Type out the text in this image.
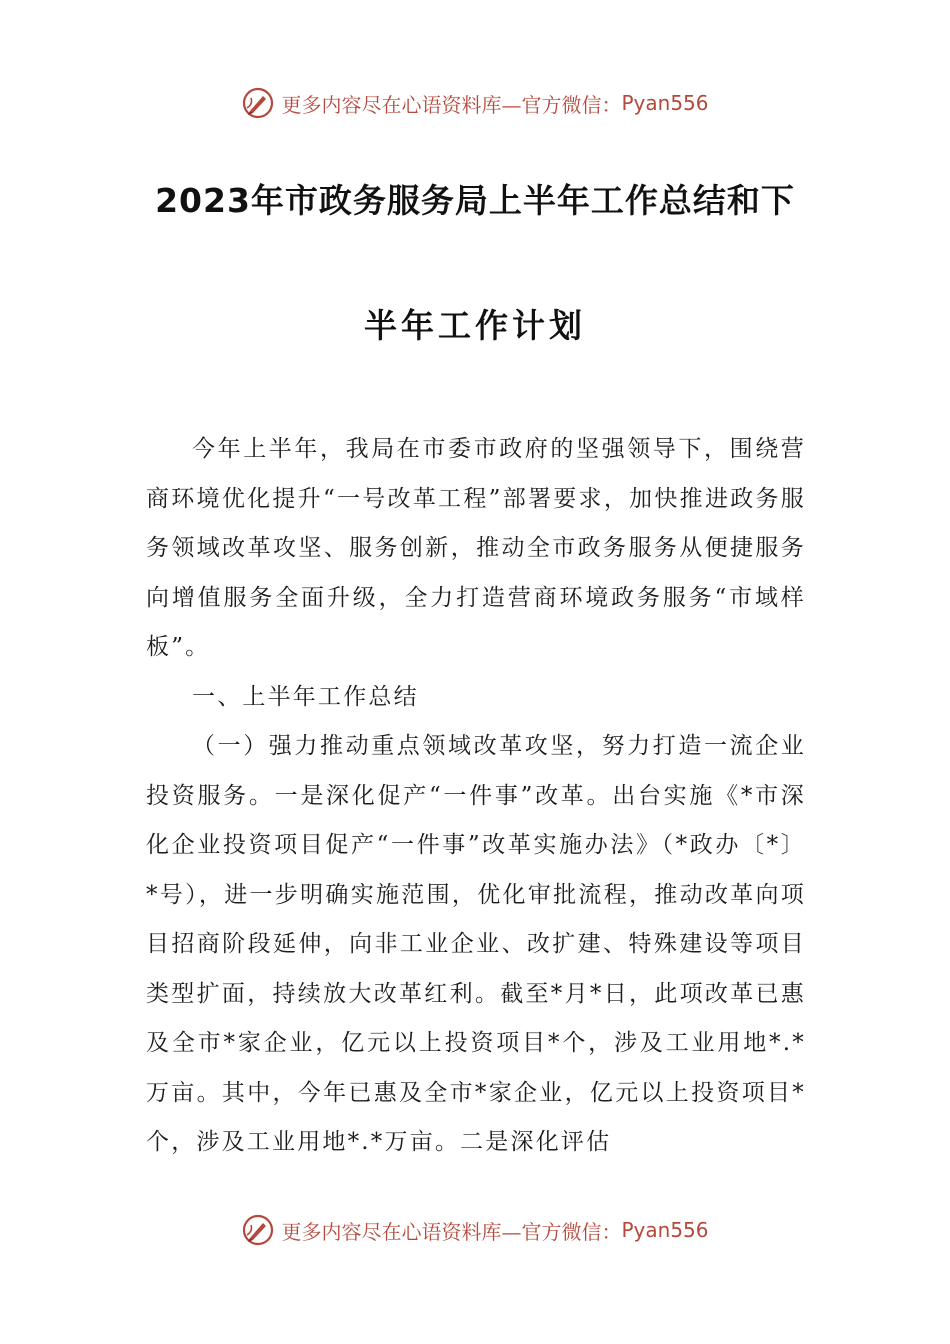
更多内容尽在心语资料库—官方微信： Pyan556
2023年市政务服务局上半年工作总结和下
半年工作计划

今年上半年，我局在市委市政府的坚强领导下，围绕营商环境优化提升“一号改革工程”部署要求，加快推进政务服务领域改革攻坚、服务创新，推动全市政务服务从便捷服务向增值服务全面升级，全力打造营商环境政务服务“市域样板”。

一、上半年工作总结

（一）强力推动重点领域改革攻坚，努力打造一流企业投资服务。一是深化促产“一件事”改革。出台实施《*市深化企业投资项目促产“一件事”改革实施办法》（*政办〔*〕*号），进一步明确实施范围，优化审批流程，推动改革向项目招商阶段延伸，向非工业企业、改扩建、特殊建设等项目类型扩面，持续放大改革红利。截至*月*日，此项改革已惠及全市*家企业，亿元以上投资项目*个，涉及工业用地*.*万亩。其中，今年已惠及全市*家企业，亿元以上投资项目*个，涉及工业用地*.*万亩。二是深化评估

更多内容尽在心语资料库—官方微信： Pyan556
